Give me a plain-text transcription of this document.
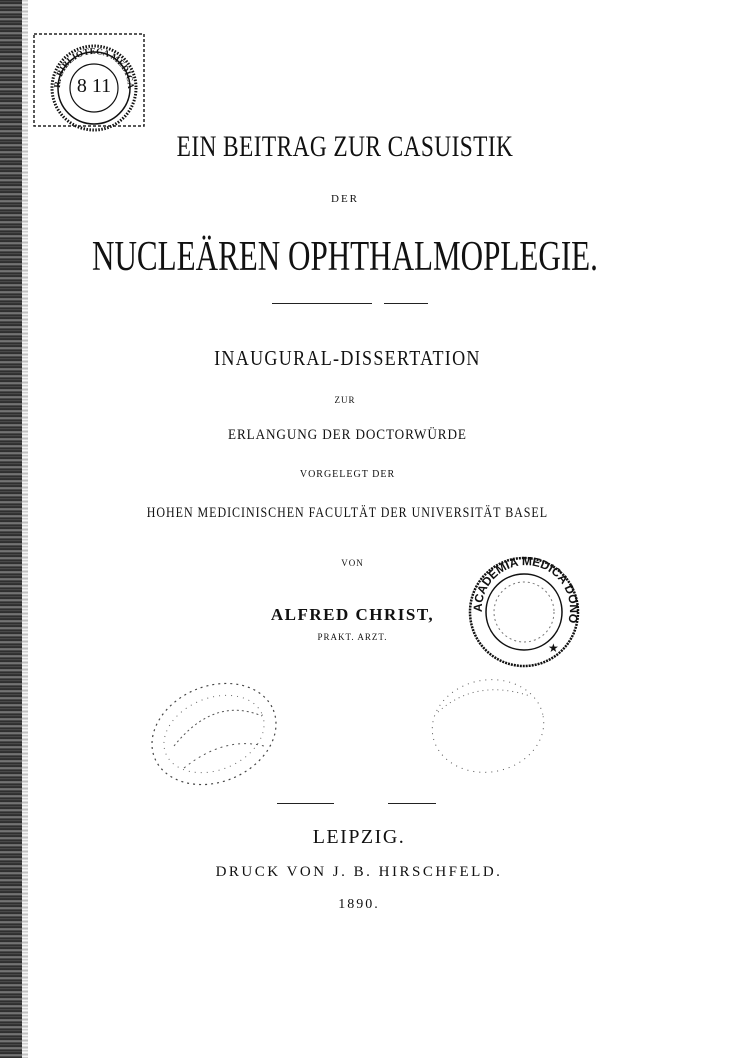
R. BIBLIOTECA MEDICA ANE DALLIA
8 11
EIN BEITRAG ZUR CASUISTIK
DER
NUCLEÄREN OPHTHALMOPLEGIE.
INAUGURAL-DISSERTATION
ZUR
ERLANGUNG DER DOCTORWÜRDE
VORGELEGT DER
HOHEN MEDICINISCHEN FACULTÄT DER UNIVERSITÄT BASEL
VON
ALFRED CHRIST,
PRAKT. ARZT.
ACADEMIA MEDICA DONO
★
LEIPZIG.
DRUCK VON J. B. HIRSCHFELD.
1890.
